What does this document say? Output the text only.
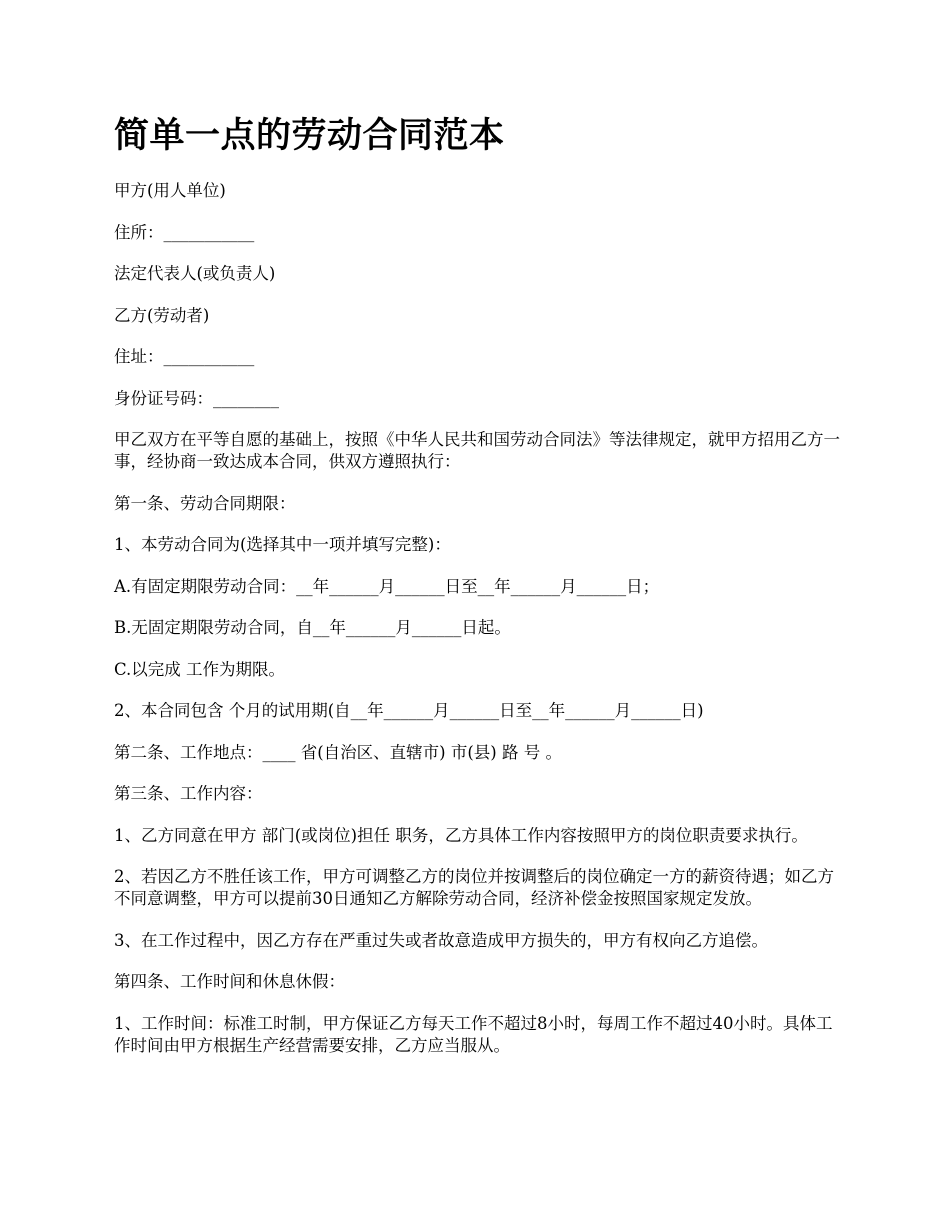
简单一点的劳动合同范本

甲方(用人单位)

住所：___________

法定代表人(或负责人)

乙方(劳动者)

住址：___________

身份证号码：________

甲乙双方在平等自愿的基础上，按照《中华人民共和国劳动合同法》等法律规定，就甲方招用乙方一事，经协商一致达成本合同，供双方遵照执行：

第一条、劳动合同期限：

1、本劳动合同为(选择其中一项并填写完整)：

A.有固定期限劳动合同：__年______月______日至__年______月______日；

B.无固定期限劳动合同，自__年______月______日起。

C.以完成 工作为期限。

2、本合同包含 个月的试用期(自__年______月______日至__年______月______日)

第二条、工作地点：____ 省(自治区、直辖市) 市(县) 路 号 。

第三条、工作内容：

1、乙方同意在甲方 部门(或岗位)担任 职务，乙方具体工作内容按照甲方的岗位职责要求执行。

2、若因乙方不胜任该工作，甲方可调整乙方的岗位并按调整后的岗位确定一方的薪资待遇；如乙方不同意调整，甲方可以提前30日通知乙方解除劳动合同，经济补偿金按照国家规定发放。

3、在工作过程中，因乙方存在严重过失或者故意造成甲方损失的，甲方有权向乙方追偿。

第四条、工作时间和休息休假：

1、工作时间：标准工时制，甲方保证乙方每天工作不超过8小时，每周工作不超过40小时。具体工作时间由甲方根据生产经营需要安排，乙方应当服从。
